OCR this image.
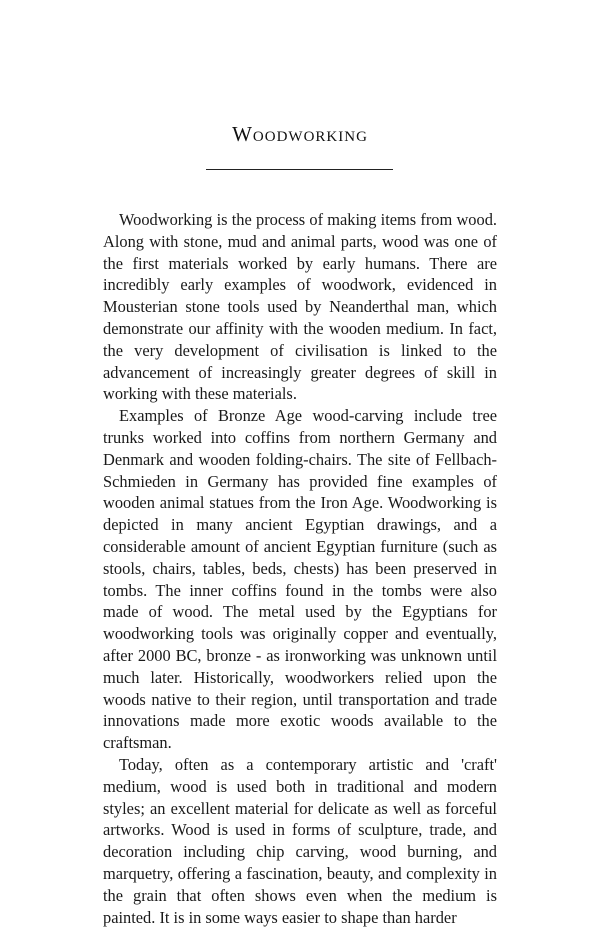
Woodworking

Woodworking is the process of making items from wood. Along with stone, mud and animal parts, wood was one of the first materials worked by early humans. There are incredibly early examples of woodwork, evidenced in Mousterian stone tools used by Neanderthal man, which demonstrate our affinity with the wooden medium. In fact, the very development of civilisation is linked to the advancement of increasingly greater degrees of skill in working with these materials.

Examples of Bronze Age wood-carving include tree trunks worked into coffins from northern Germany and Denmark and wooden folding-chairs. The site of Fellbach-Schmieden in Germany has provided fine examples of wooden animal statues from the Iron Age. Woodworking is depicted in many ancient Egyptian drawings, and a considerable amount of ancient Egyptian furniture (such as stools, chairs, tables, beds, chests) has been preserved in tombs. The inner coffins found in the tombs were also made of wood. The metal used by the Egyptians for woodworking tools was originally copper and eventually, after 2000 BC, bronze - as ironworking was unknown until much later. Historically, woodworkers relied upon the woods native to their region, until transportation and trade innovations made more exotic woods available to the craftsman.

Today, often as a contemporary artistic and 'craft' medium, wood is used both in traditional and modern styles; an excellent material for delicate as well as forceful artworks. Wood is used in forms of sculpture, trade, and decoration including chip carving, wood burning, and marquetry, offering a fascination, beauty, and complexity in the grain that often shows even when the medium is painted. It is in some ways easier to shape than harder
